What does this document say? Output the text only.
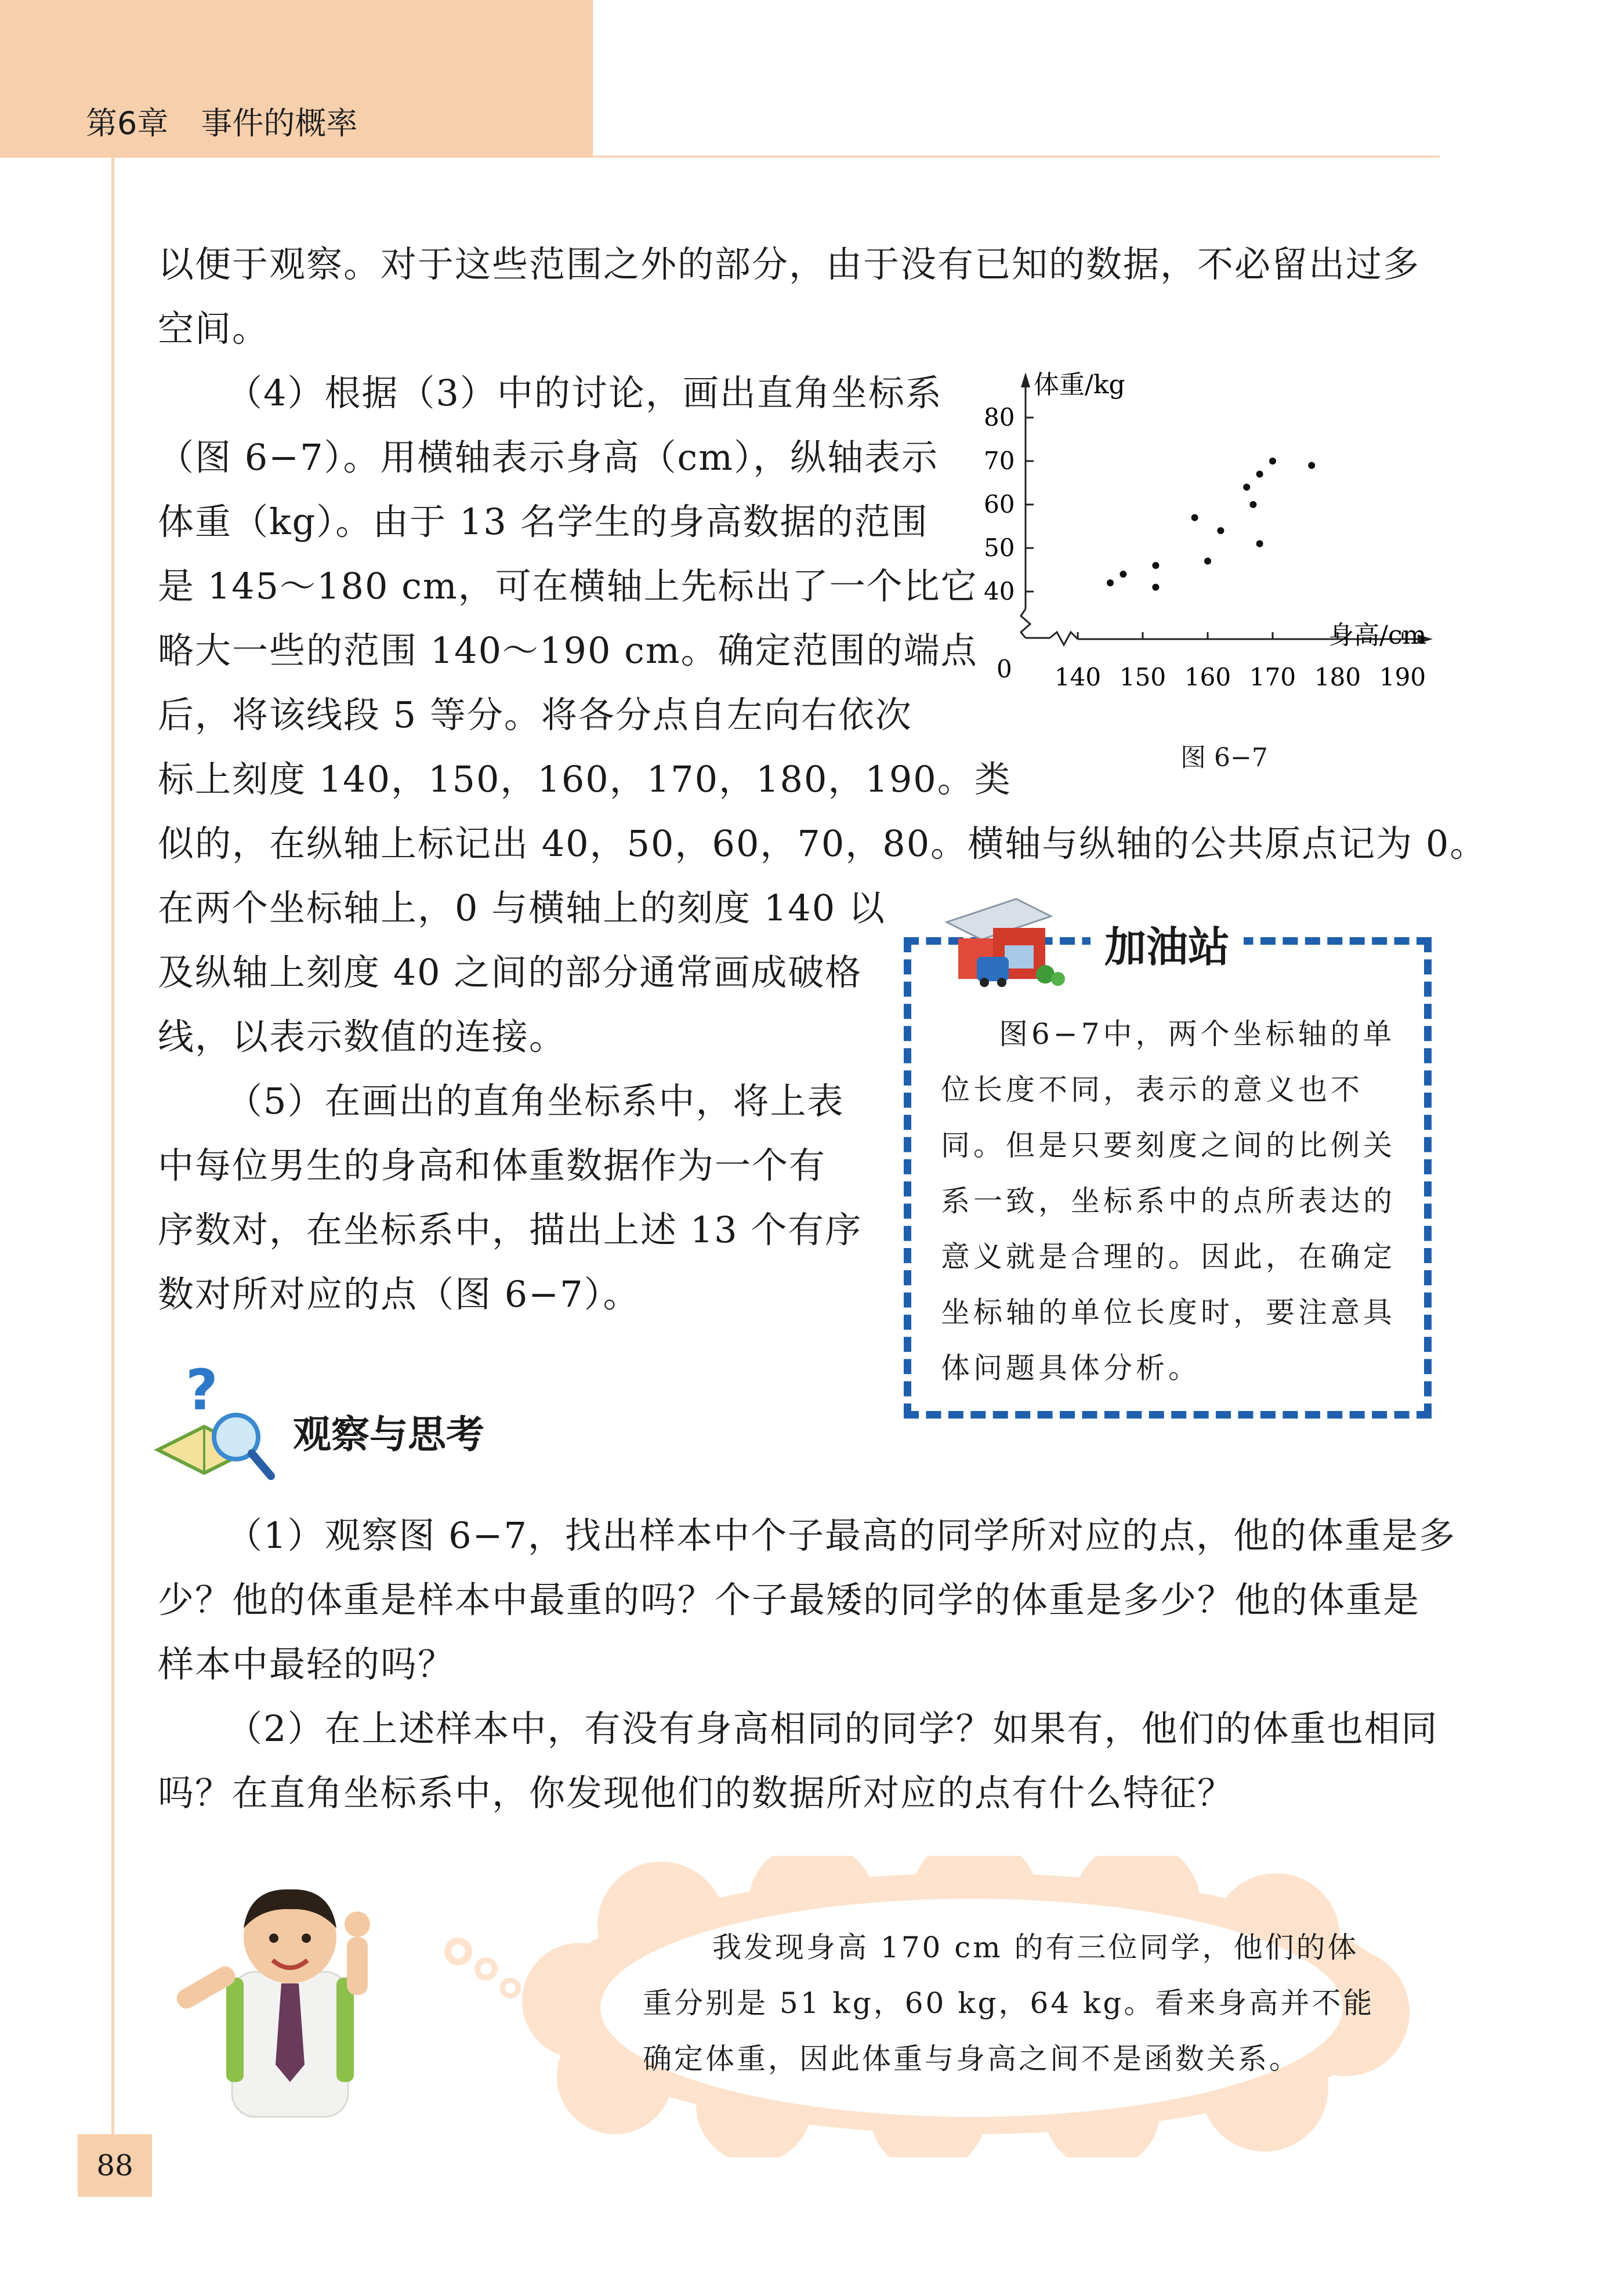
第6章 事件的概率
以便于观察。对于这些范围之外的部分，由于没有已知的数据，不必留出过多
空间。
（4）根据（3）中的讨论，画出直角坐标系
（图 6−7）。用横轴表示身高（cm），纵轴表示
体重（kg）。由于 13 名学生的身高数据的范围
是 145～180 cm，可在横轴上先标出了一个比它
略大一些的范围 140～190 cm。确定范围的端点
后，将该线段 5 等分。将各分点自左向右依次
标上刻度 140，150，160，170，180，190。类
似的，在纵轴上标记出 40，50，60，70，80。横轴与纵轴的公共原点记为 0。
在两个坐标轴上，0 与横轴上的刻度 140 以
及纵轴上刻度 40 之间的部分通常画成破格
线，以表示数值的连接。
（5）在画出的直角坐标系中，将上表
中每位男生的身高和体重数据作为一个有
序数对，在坐标系中，描出上述 13 个有序
数对所对应的点（图 6−7）。
40
50
60
70
80
140 150 160 170 180 190
体重/kg
身高/cm
0
图 6−7
加油站
图6−7中，两个坐标轴的单
位长度不同，表示的意义也不
同。但是只要刻度之间的比例关
系一致，坐标系中的点所表达的
意义就是合理的。因此，在确定
坐标轴的单位长度时，要注意具
体问题具体分析。
?
观察与思考
（1）观察图 6−7，找出样本中个子最高的同学所对应的点，他的体重是多
少？他的体重是样本中最重的吗？个子最矮的同学的体重是多少？他的体重是
样本中最轻的吗？
（2）在上述样本中，有没有身高相同的同学？如果有，他们的体重也相同
吗？在直角坐标系中，你发现他们的数据所对应的点有什么特征？
我发现身高 170 cm 的有三位同学，他们的体
重分别是 51 kg，60 kg，64 kg。看来身高并不能
确定体重，因此体重与身高之间不是函数关系。
88
